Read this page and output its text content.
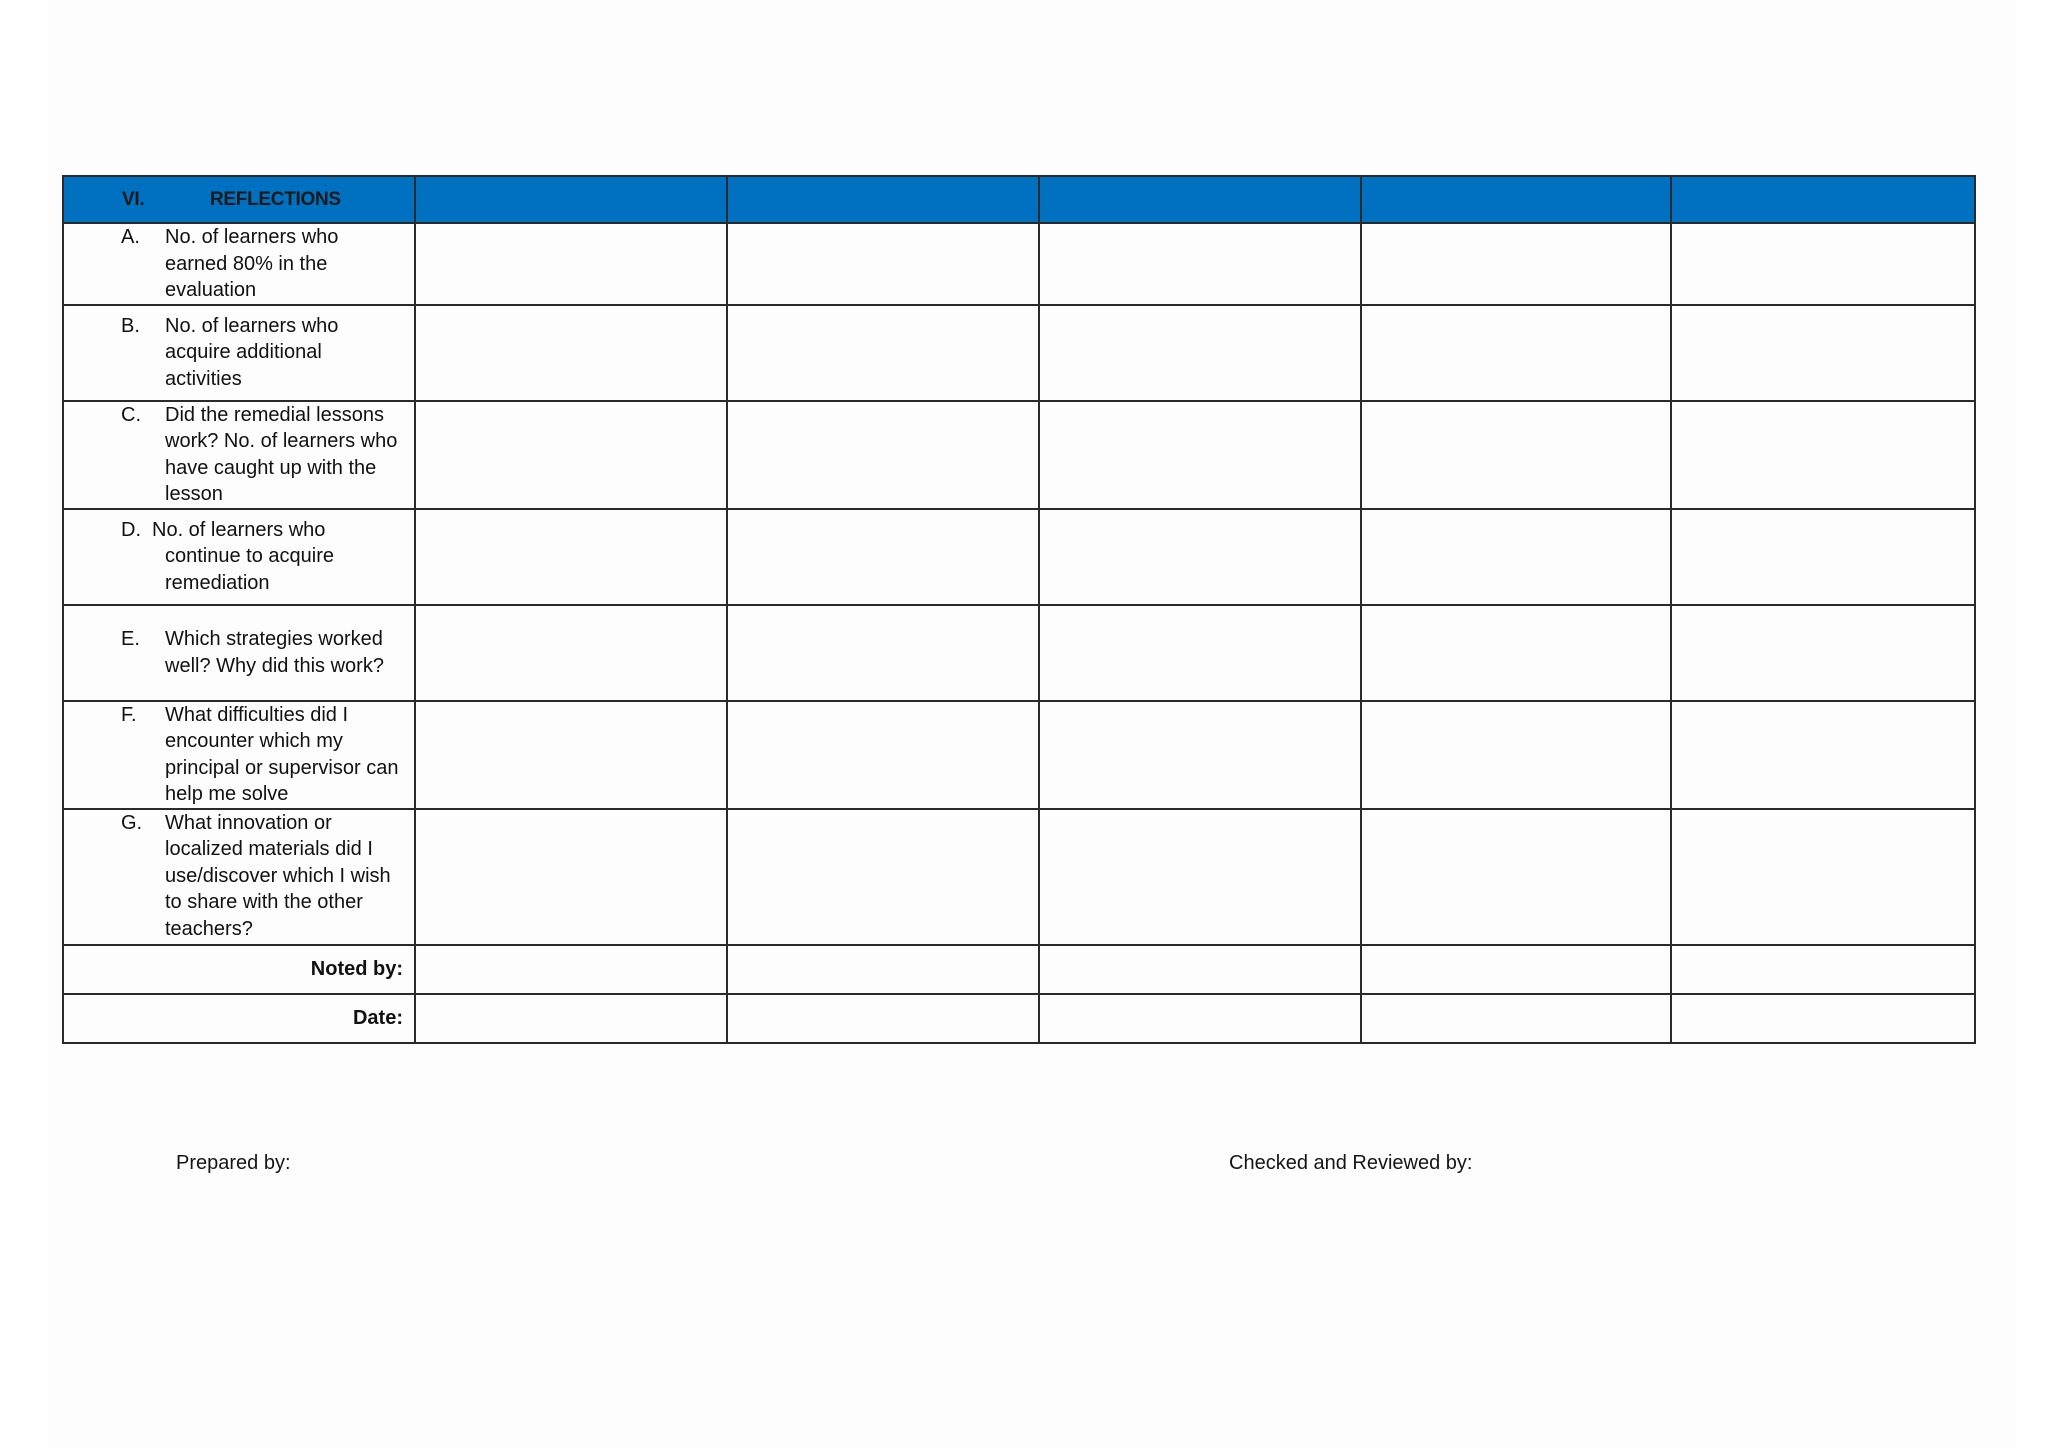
VI. REFLECTIONS					

A. No. of learners who earned 80% in the evaluation					

B. No. of learners who acquire additional activities					

C. Did the remedial lessons work? No. of learners who have caught up with the lesson					

D. No. of learners who continue to acquire remediation					

E. Which strategies worked well? Why did this work?					

F. What difficulties did I encounter which my principal or supervisor can help me solve					

G. What innovation or localized materials did I use/discover which I wish to share with the other teachers?					

Noted by:					
Date:					
Prepared by:	Checked and Reviewed by:
